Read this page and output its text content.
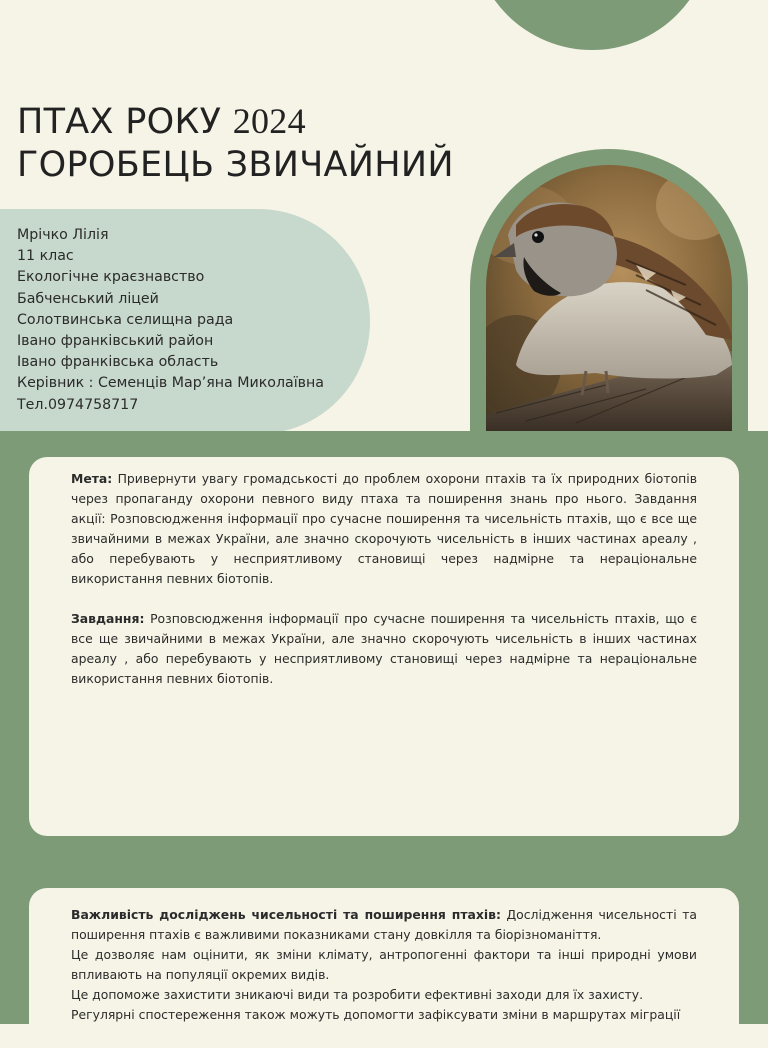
ПТАХ РОКУ 2024
ГОРОБЕЦЬ ЗВИЧАЙНИЙ
Мрічко Лілія
11 клас
Екологічне краєзнавство
Бабченський ліцей
Солотвинська селищна рада
Івано франківський район
Івано франківська область
Керівник : Семенців Мар’яна Миколаївна
Тел.0974758717

Мета: Привернути увагу громадськості до проблем охорони птахів та їх природних біотопів через пропаганду охорони певного виду птаха та поширення знань про нього. Завдання акції: Розповсюдження інформації про сучасне поширення та чисельність птахів, що є все ще звичайними в межах України, але значно скорочують чисельність в інших частинах ареалу , або перебувають у несприятливому становищі через надмірне та нераціональне використання певних біотопів.

Завдання: Розповсюдження інформації про сучасне поширення та чисельність птахів, що є все ще звичайними в межах України, але значно скорочують чисельність в інших частинах ареалу , або перебувають у несприятливому становищі через надмірне та нераціональне використання певних біотопів.

Важливість досліджень чисельності та поширення птахів: Дослідження чисельності та поширення птахів є важливими показниками стану довкілля та біорізноманіття.
Це дозволяє нам оцінити, як зміни клімату, антропогенні фактори та інші природні умови впливають на популяції окремих видів.
Це допоможе захистити зникаючі види та розробити ефективні заходи для їх захисту.
Регулярні спостереження також можуть допомогти зафіксувати зміни в маршрутах міграції
